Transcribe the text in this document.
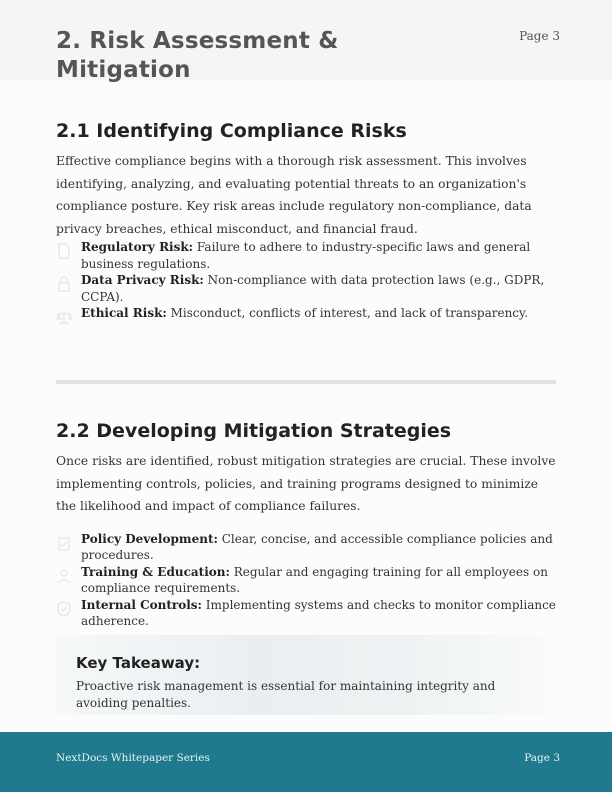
2. Risk Assessment & Mitigation
Page 3
2.1 Identifying Compliance Risks

Effective compliance begins with a thorough risk assessment. This involves identifying, analyzing, and evaluating potential threats to an organization's compliance posture. Key risk areas include regulatory non-compliance, data privacy breaches, ethical misconduct, and financial fraud.

Regulatory Risk: Failure to adhere to industry-specific laws and general business regulations.
Data Privacy Risk: Non-compliance with data protection laws (e.g., GDPR, CCPA).
Ethical Risk: Misconduct, conflicts of interest, and lack of transparency.
2.2 Developing Mitigation Strategies

Once risks are identified, robust mitigation strategies are crucial. These involve implementing controls, policies, and training programs designed to minimize the likelihood and impact of compliance failures.

Policy Development: Clear, concise, and accessible compliance policies and procedures.
Training & Education: Regular and engaging training for all employees on compliance requirements.
Internal Controls: Implementing systems and checks to monitor compliance adherence.
Key Takeaway:

Proactive risk management is essential for maintaining integrity and avoiding penalties.

NextDocs Whitepaper Series	Page 3
